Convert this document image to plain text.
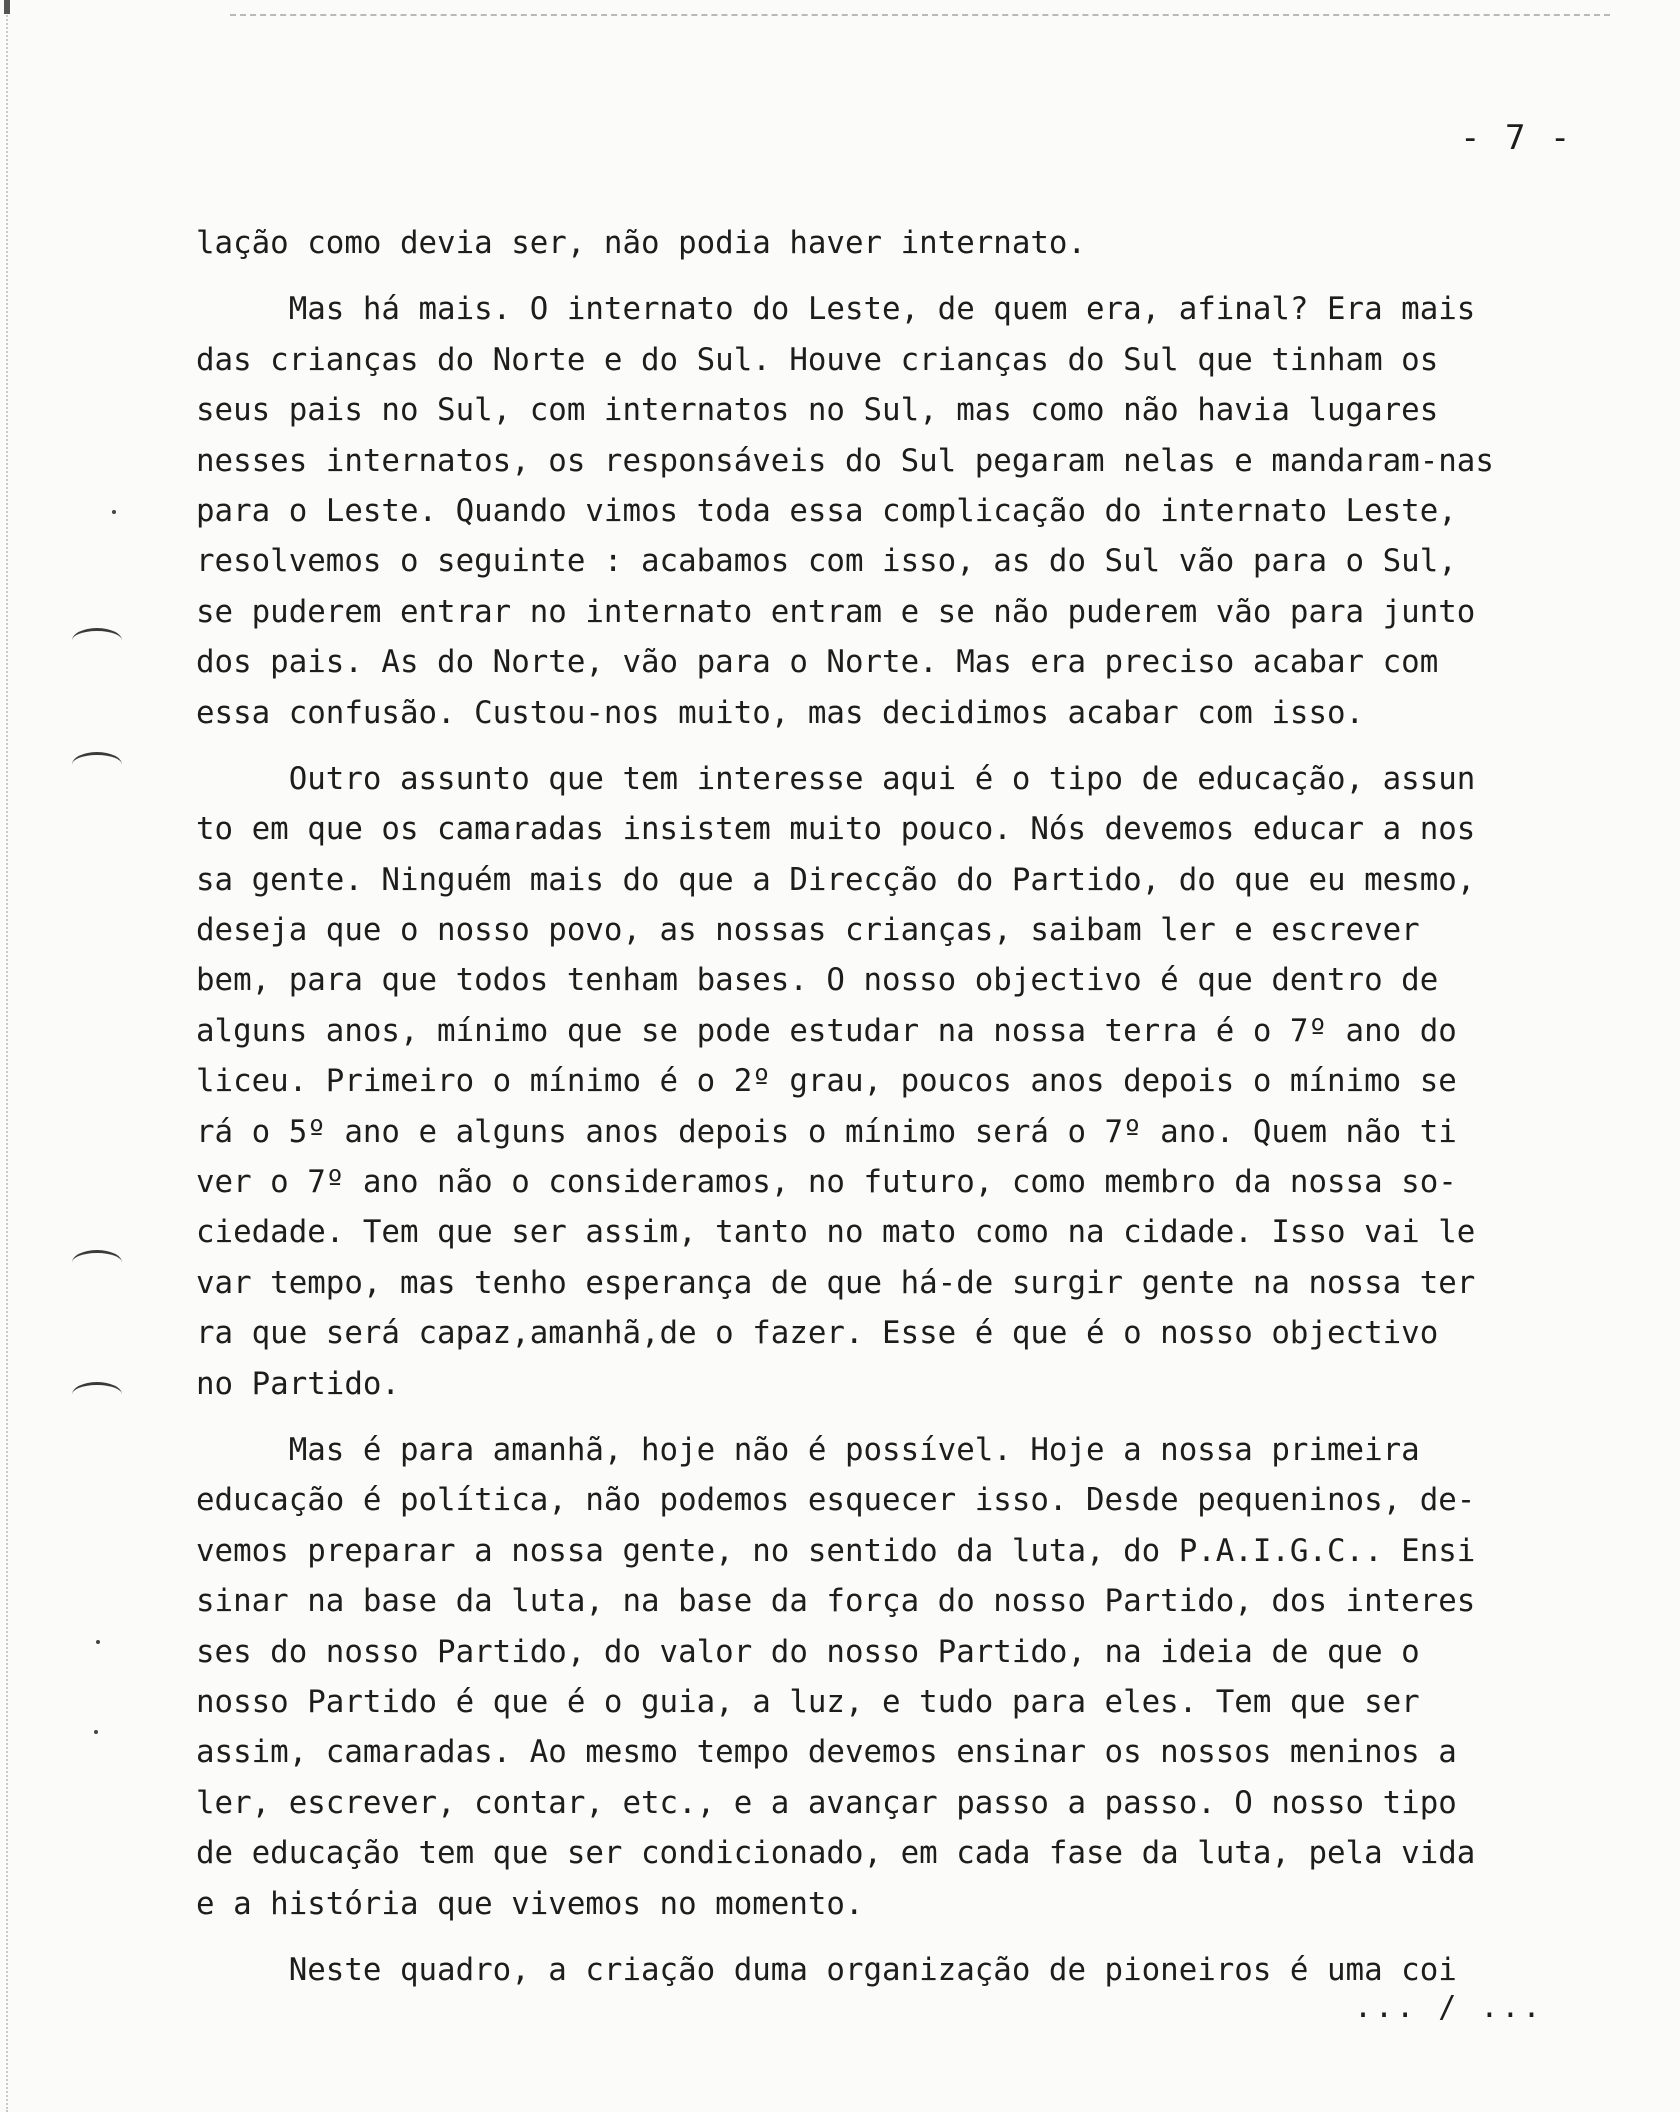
- 7 -
lação como devia ser, não podia haver internato.
Mas há mais. O internato do Leste, de quem era, afinal? Era mais
das crianças do Norte e do Sul. Houve crianças do Sul que tinham os
seus pais no Sul, com internatos no Sul, mas como não havia lugares
nesses internatos, os responsáveis do Sul pegaram nelas e mandaram-nas
para o Leste. Quando vimos toda essa complicação do internato Leste,
resolvemos o seguinte : acabamos com isso, as do Sul vão para o Sul,
se puderem entrar no internato entram e se não puderem vão para junto
dos pais. As do Norte, vão para o Norte. Mas era preciso acabar com
essa confusão. Custou-nos muito, mas decidimos acabar com isso.
Outro assunto que tem interesse aqui é o tipo de educação, assun
to em que os camaradas insistem muito pouco. Nós devemos educar a nos
sa gente. Ninguém mais do que a Direcção do Partido, do que eu mesmo,
deseja que o nosso povo, as nossas crianças, saibam ler e escrever
bem, para que todos tenham bases. O nosso objectivo é que dentro de
alguns anos, mínimo que se pode estudar na nossa terra é o 7º ano do
liceu. Primeiro o mínimo é o 2º grau, poucos anos depois o mínimo se
rá o 5º ano e alguns anos depois o mínimo será o 7º ano. Quem não ti
ver o 7º ano não o consideramos, no futuro, como membro da nossa so-
ciedade. Tem que ser assim, tanto no mato como na cidade. Isso vai le
var tempo, mas tenho esperança de que há-de surgir gente na nossa ter
ra que será capaz,amanhã,de o fazer. Esse é que é o nosso objectivo
no Partido.
Mas é para amanhã, hoje não é possível. Hoje a nossa primeira
educação é política, não podemos esquecer isso. Desde pequeninos, de-
vemos preparar a nossa gente, no sentido da luta, do P.A.I.G.C.. Ensi
sinar na base da luta, na base da força do nosso Partido, dos interes
ses do nosso Partido, do valor do nosso Partido, na ideia de que o
nosso Partido é que é o guia, a luz, e tudo para eles. Tem que ser
assim, camaradas. Ao mesmo tempo devemos ensinar os nossos meninos a
ler, escrever, contar, etc., e a avançar passo a passo. O nosso tipo
de educação tem que ser condicionado, em cada fase da luta, pela vida
e a história que vivemos no momento.
Neste quadro, a criação duma organização de pioneiros é uma coi
... / ...
